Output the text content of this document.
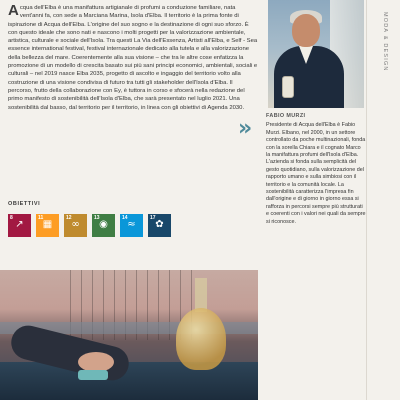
Acqua dell'Elba è una manifattura artigianale di profumi a conduzione familiare, nata vent'anni fa, con sede a Marciana Marina, Isola d'Elba. Il territorio è la prima fonte di ispirazione di Acqua dell'Elba. L'origine del suo sogno e la destinazione di ogni suo sforzo. È con questo ideale che sono nati e nascono i molti progetti per la valorizzazione ambientale, artistica, culturale e sociale dell'Isola. Tra questi La Via dell'Essenza, Artisti all'Elba, e Self - Sea essence international festival, festival internazionale dedicato alla tutela e alla valorizzazione della bellezza del mare. Coerentemente alla sua visione – che tra le altre cose enfatizza la promozione di un modello di crescita basato sui più sani principi economici, ambientali, sociali e culturali – nel 2019 nasce Elba 2035, progetto di ascolto e ingaggio del territorio volto alla costruzione di una visione condivisa di futuro tra tutti gli stakeholder dell'Isola d'Elba. Il percorso, frutto della collaborazione con Ey, è tuttora in corso e sfocerà nella redazione del primo manifesto di sostenibilità dell'Isola d'Elba, che sarà presentato nel luglio 2021. Una sostenibilità dal basso, dal territorio per il territorio, in linea con gli obiettivi di Agenda 2030.

MODA & DESIGN
»	FABIO MURZI
Presidente di Acqua dell'Elba è Fabio Murzi. Elbano, nel 2000, in un settore controllato da poche multinazionali, fonda con la sorella Chiara e il cognato Marco la manifattura profumi dell'Isola d'Elba. L'azienda si fonda sulla semplicità del gesto quotidiano, sulla valorizzazione del rapporto umano e sulla simbiosi con il territorio e la comunità locale. La sostenibilità caratterizza l'impresa fin dall'origine e di giorno in giorno essa si rafforza in percorsi sempre più strutturati e coerenti con i valori nei quali da sempre si riconosce.
OBIETTIVI
8
↗
11
▦
12
∞
13
◉
14
≈
17
✿
